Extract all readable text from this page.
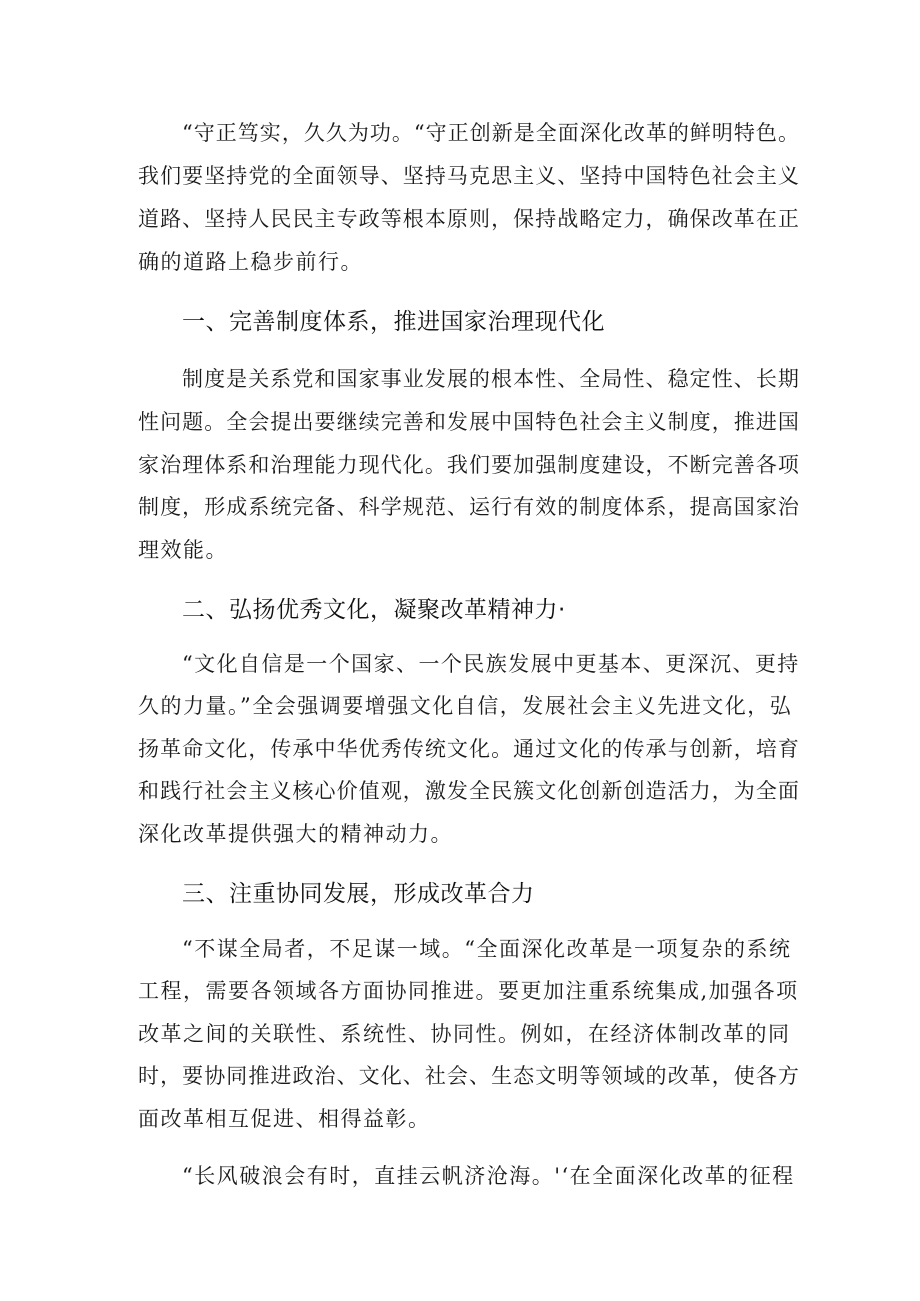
“守正笃实，久久为功。“守正创新是全面深化改革的鲜明特色。
我们要坚持党的全面领导、坚持马克思主义、坚持中国特色社会主义
道路、坚持人民民主专政等根本原则，保持战略定力，确保改革在正
确的道路上稳步前行。
一、完善制度体系，推进国家治理现代化
制度是关系党和国家事业发展的根本性、全局性、稳定性、长期
性问题。全会提出要继续完善和发展中国特色社会主义制度，推进国
家治理体系和治理能力现代化。我们要加强制度建设，不断完善各项
制度，形成系统完备、科学规范、运行有效的制度体系，提高国家治
理效能。
二、弘扬优秀文化，凝聚改革精神力·
“文化自信是一个国家、一个民族发展中更基本、更深沉、更持
久的力量。”全会强调要增强文化自信，发展社会主义先进文化，弘
扬革命文化，传承中华优秀传统文化。通过文化的传承与创新，培育
和践行社会主义核心价值观，激发全民簇文化创新创造活力，为全面
深化改革提供强大的精神动力。
三、注重协同发展，形成改革合力
“不谋全局者，不足谋一域。“全面深化改革是一项复杂的系统
工程，需要各领域各方面协同推进。要更加注重系统集成,加强各项
改革之间的关联性、系统性、协同性。例如，在经济体制改革的同
时，要协同推进政治、文化、社会、生态文明等领域的改革，使各方
面改革相互促进、相得益彰。
“长风破浪会有时，直挂云帆济沧海。'‘在全面深化改革的征程
